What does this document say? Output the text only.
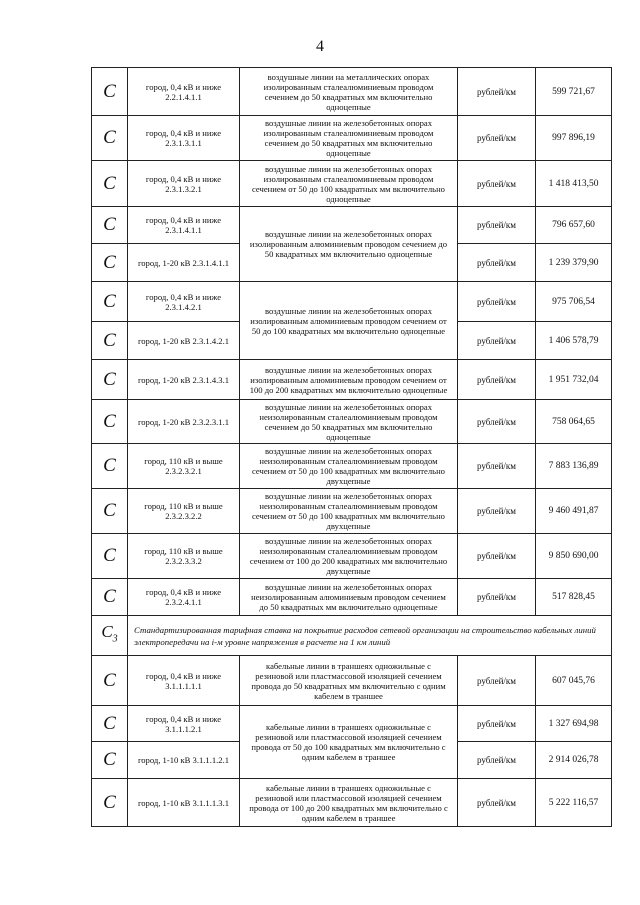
4
C	город, 0,4 кВ и ниже 2.2.1.4.1.1	воздушные линии на металлических опорах изолированным сталеалюминиевым проводом сечением до 50 квадратных мм включительно одноцепные	рублей/км	599 721,67
C	город, 0,4 кВ и ниже 2.3.1.3.1.1	воздушные линии на железобетонных опорах изолированным сталеалюминиевым проводом сечением до 50 квадратных мм включительно одноцепные	рублей/км	997 896,19
C	город, 0,4 кВ и ниже 2.3.1.3.2.1	воздушные линии на железобетонных опорах изолированным сталеалюминиевым проводом сечением от 50 до 100 квадратных мм включительно одноцепные	рублей/км	1 418 413,50
C	город, 0,4 кВ и ниже 2.3.1.4.1.1	воздушные линии на железобетонных опорах изолированным алюминиевым проводом сечением до 50 квадратных мм включительно одноцепные	рублей/км	796 657,60
C	город, 1-20 кВ 2.3.1.4.1.1		рублей/км	1 239 379,90
C	город, 0,4 кВ и ниже 2.3.1.4.2.1	воздушные линии на железобетонных опорах изолированным алюминиевым проводом сечением от 50 до 100 квадратных мм включительно одноцепные	рублей/км	975 706,54
C	город, 1-20 кВ 2.3.1.4.2.1		рублей/км	1 406 578,79
C	город, 1-20 кВ 2.3.1.4.3.1	воздушные линии на железобетонных опорах изолированным алюминиевым проводом сечением от 100 до 200 квадратных мм включительно одноцепные	рублей/км	1 951 732,04
C	город, 1-20 кВ 2.3.2.3.1.1	воздушные линии на железобетонных опорах неизолированным сталеалюминиевым проводом сечением до 50 квадратных мм включительно одноцепные	рублей/км	758 064,65
C	город, 110 кВ и выше 2.3.2.3.2.1	воздушные линии на железобетонных опорах неизолированным сталеалюминиевым проводом сечением от 50 до 100 квадратных мм включительно двухцепные	рублей/км	7 883 136,89
C	город, 110 кВ и выше 2.3.2.3.2.2	воздушные линии на железобетонных опорах неизолированным сталеалюминиевым проводом сечением от 50 до 100 квадратных мм включительно двухцепные	рублей/км	9 460 491,87
C	город, 110 кВ и выше 2.3.2.3.3.2	воздушные линии на железобетонных опорах неизолированным сталеалюминиевым проводом сечением от 100 до 200 квадратных мм включительно двухцепные	рублей/км	9 850 690,00
C	город, 0,4 кВ и ниже 2.3.2.4.1.1	воздушные линии на железобетонных опорах неизолированным алюминиевым проводом сечением до 50 квадратных мм включительно одноцепные	рублей/км	517 828,45
$C_3$	Стандартизированная тарифная ставка на покрытие расходов сетевой организации на строительство кабельных линий электропередачи на i-м уровне напряжения в расчете на 1 км линий			
C	город, 0,4 кВ и ниже 3.1.1.1.1.1	кабельные линии в траншеях одножильные с резиновой или пластмассовой изоляцией сечением провода до 50 квадратных мм включительно с одним кабелем в траншее	рублей/км	607 045,76
C	город, 0,4 кВ и ниже 3.1.1.1.2.1	кабельные линии в траншеях одножильные с резиновой или пластмассовой изоляцией сечением провода от 50 до 100 квадратных мм включительно с одним кабелем в траншее	рублей/км	1 327 694,98
C	город, 1-10 кВ 3.1.1.1.2.1		рублей/км	2 914 026,78
C	город, 1-10 кВ 3.1.1.1.3.1	кабельные линии в траншеях одножильные с резиновой или пластмассовой изоляцией сечением провода от 100 до 200 квадратных мм включительно с одним кабелем в траншее	рублей/км	5 222 116,57
